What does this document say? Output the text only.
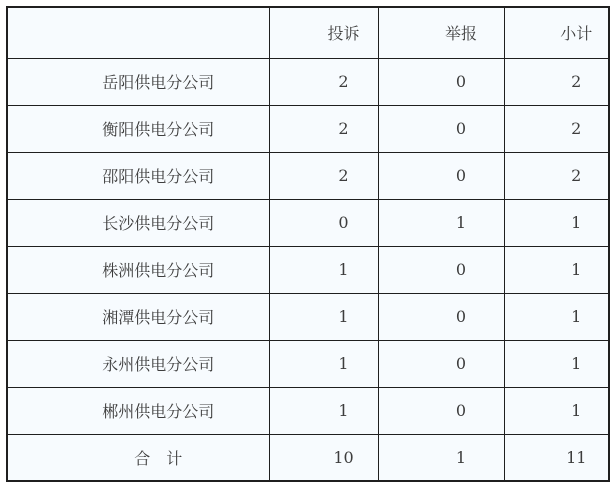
	投诉	举报	小计
岳阳供电分公司	2	0	2
衡阳供电分公司	2	0	2
邵阳供电分公司	2	0	2
长沙供电分公司	0	1	1
株洲供电分公司	1	0	1
湘潭供电分公司	1	0	1
永州供电分公司	1	0	1
郴州供电分公司	1	0	1
合　计	10	1	11
